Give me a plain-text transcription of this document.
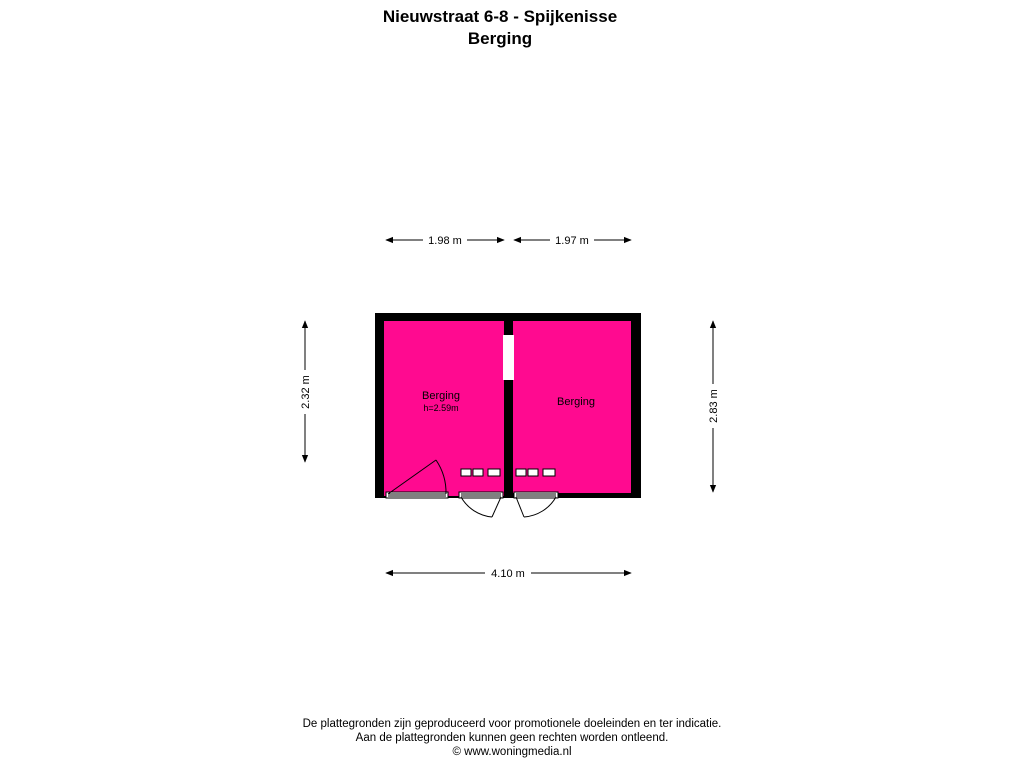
Nieuwstraat 6-8 - Spijkenisse
Berging
Berging
h=2.59m	Berging
1.98 m	1.97 m
2.32 m	2.83 m
4.10 m
De plattegronden zijn geproduceerd voor promotionele doeleinden en ter indicatie.
Aan de plattegronden kunnen geen rechten worden ontleend.
© www.woningmedia.nl
